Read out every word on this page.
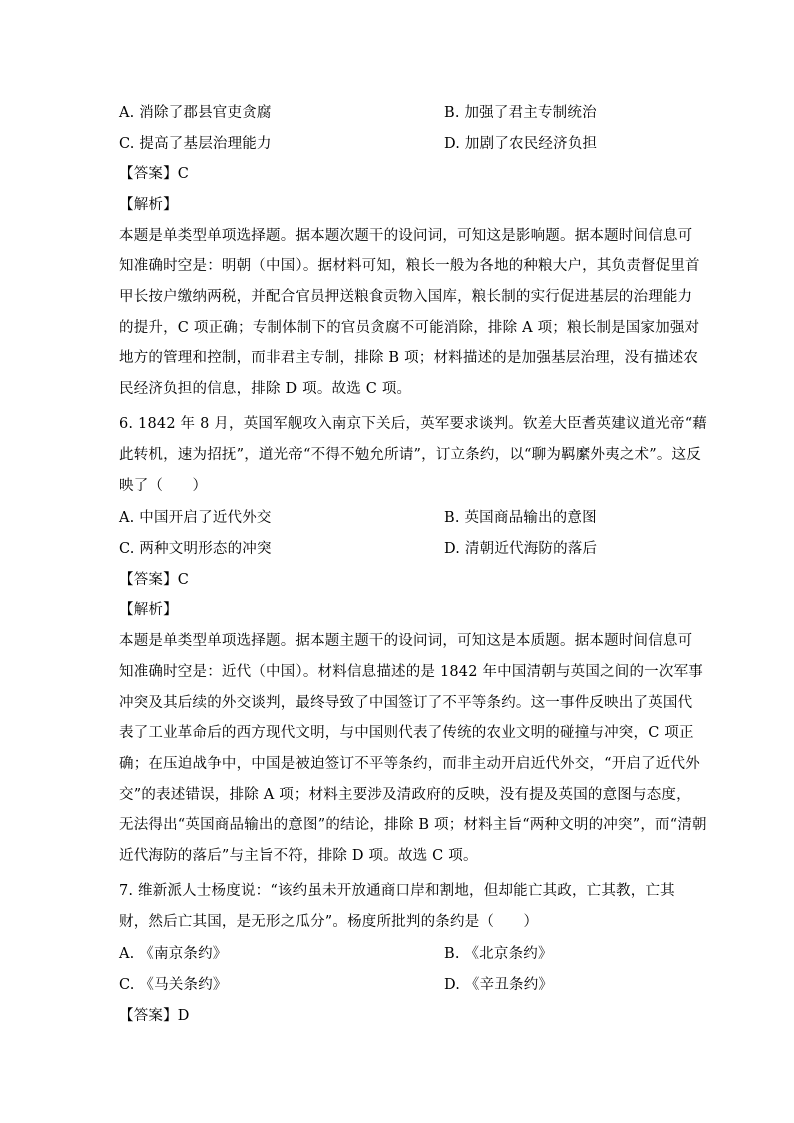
A. 消除了郡县官吏贪腐	B. 加强了君主专制统治
C. 提高了基层治理能力	D. 加剧了农民经济负担
【答案】C
【解析】
本题是单类型单项选择题。据本题次题干的设问词，可知这是影响题。据本题时间信息可
知准确时空是：明朝（中国）。据材料可知，粮长一般为各地的种粮大户，其负责督促里首
甲长按户缴纳两税，并配合官员押送粮食贡物入国库，粮长制的实行促进基层的治理能力
的提升，C 项正确；专制体制下的官员贪腐不可能消除，排除 A 项；粮长制是国家加强对
地方的管理和控制，而非君主专制，排除 B 项；材料描述的是加强基层治理，没有描述农
民经济负担的信息，排除 D 项。故选 C 项。
6. 1842 年 8 月，英国军舰攻入南京下关后，英军要求谈判。钦差大臣耆英建议道光帝“藉
此转机，速为招抚”，道光帝“不得不勉允所请”，订立条约，以“聊为羁縻外夷之术”。这反
映了（　　）
A. 中国开启了近代外交	B. 英国商品输出的意图
C. 两种文明形态的冲突	D. 清朝近代海防的落后
【答案】C
【解析】
本题是单类型单项选择题。据本题主题干的设问词，可知这是本质题。据本题时间信息可
知准确时空是：近代（中国）。材料信息描述的是 1842 年中国清朝与英国之间的一次军事
冲突及其后续的外交谈判，最终导致了中国签订了不平等条约。这一事件反映出了英国代
表了工业革命后的西方现代文明，与中国则代表了传统的农业文明的碰撞与冲突，C 项正
确；在压迫战争中，中国是被迫签订不平等条约，而非主动开启近代外交，“开启了近代外
交”的表述错误，排除 A 项；材料主要涉及清政府的反映，没有提及英国的意图与态度，
无法得出“英国商品输出的意图”的结论，排除 B 项；材料主旨“两种文明的冲突”，而“清朝
近代海防的落后”与主旨不符，排除 D 项。故选 C 项。
7. 维新派人士杨度说：“该约虽未开放通商口岸和割地，但却能亡其政，亡其教，亡其
财，然后亡其国，是无形之瓜分”。杨度所批判的条约是（　　）
A. 《南京条约》	B. 《北京条约》
C. 《马关条约》	D. 《辛丑条约》
【答案】D
